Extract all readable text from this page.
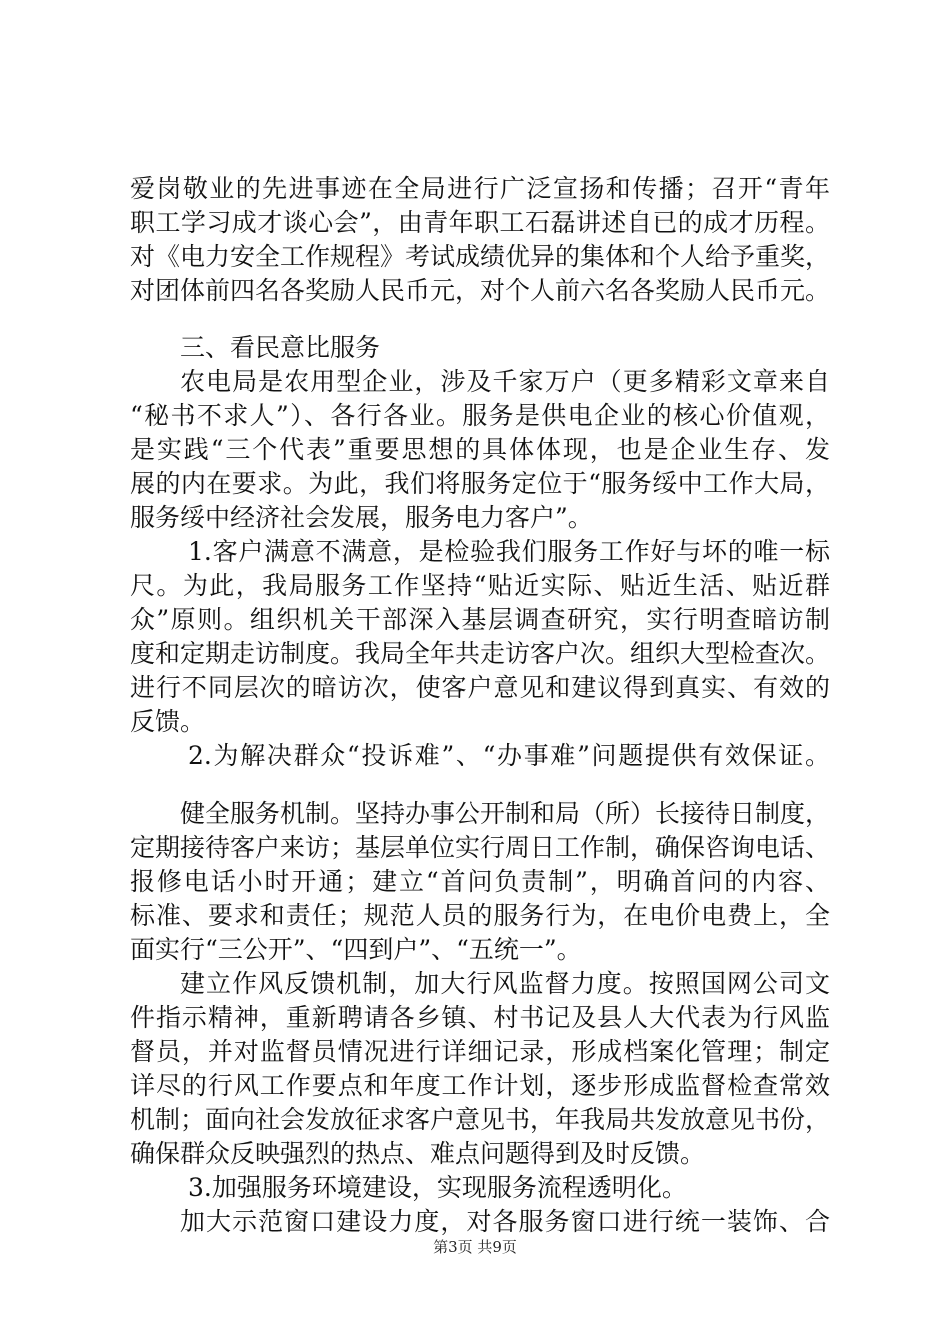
爱岗敬业的先进事迹在全局进行广泛宣扬和传播；召开“青年
职工学习成才谈心会”，由青年职工石磊讲述自已的成才历程。
对《电力安全工作规程》考试成绩优异的集体和个人给予重奖，
对团体前四名各奖励人民币元，对个人前六名各奖励人民币元。
三、看民意比服务
农电局是农用型企业，涉及千家万户（更多精彩文章来自
“秘书不求人”）、各行各业。服务是供电企业的核心价值观，
是实践“三个代表”重要思想的具体体现，也是企业生存、发
展的内在要求。为此，我们将服务定位于“服务绥中工作大局，
服务绥中经济社会发展，服务电力客户”。
1.客户满意不满意，是检验我们服务工作好与坏的唯一标
尺。为此，我局服务工作坚持“贴近实际、贴近生活、贴近群
众”原则。组织机关干部深入基层调查研究，实行明查暗访制
度和定期走访制度。我局全年共走访客户次。组织大型检查次。
进行不同层次的暗访次，使客户意见和建议得到真实、有效的
反馈。
2.为解决群众“投诉难”、“办事难”问题提供有效保证。
健全服务机制。坚持办事公开制和局（所）长接待日制度，
定期接待客户来访；基层单位实行周日工作制，确保咨询电话、
报修电话小时开通；建立“首问负责制”，明确首问的内容、
标准、要求和责任；规范人员的服务行为，在电价电费上，全
面实行“三公开”、“四到户”、“五统一”。
建立作风反馈机制，加大行风监督力度。按照国网公司文
件指示精神，重新聘请各乡镇、村书记及县人大代表为行风监
督员，并对监督员情况进行详细记录，形成档案化管理；制定
详尽的行风工作要点和年度工作计划，逐步形成监督检查常效
机制；面向社会发放征求客户意见书，年我局共发放意见书份，
确保群众反映强烈的热点、难点问题得到及时反馈。
3.加强服务环境建设，实现服务流程透明化。
加大示范窗口建设力度，对各服务窗口进行统一装饰、合
第3页 共9页
